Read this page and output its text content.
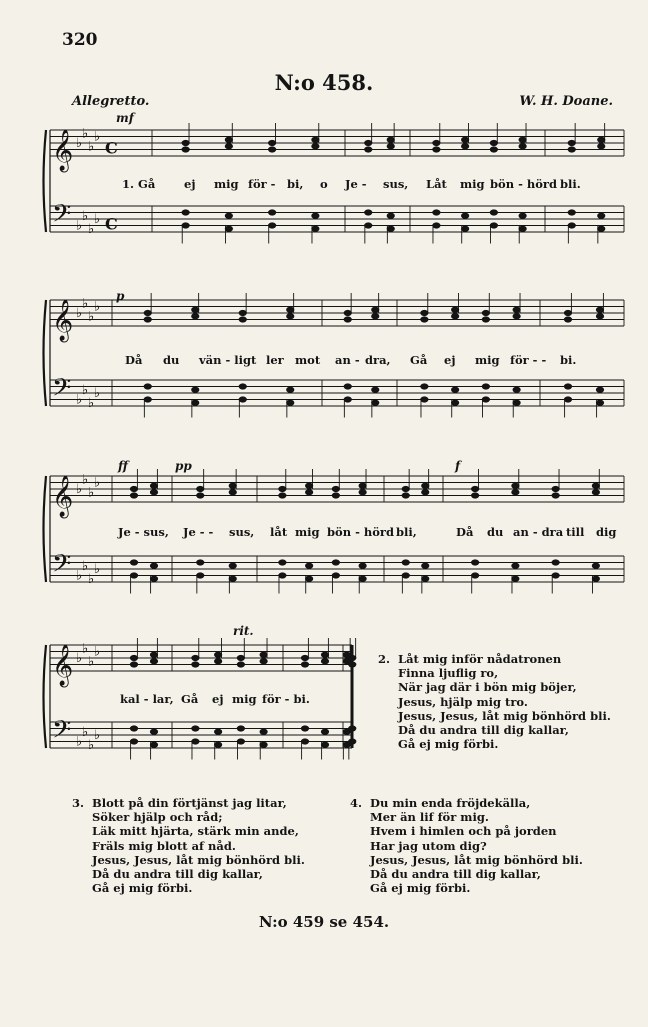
320
N:o 458.
Allegretto.	W. H. Doane.
𝄞 ♭
♭
♭
♭
C
𝄢 ♭
♭
♭
♭ C
𝄞 ♭
♭
♭
♭
𝄢 ♭
♭
♭
♭
𝄞 ♭
♭
♭
♭
𝄢 ♭
♭
♭
♭
𝄞 ♭
♭
♭
♭
𝄢 ♭
♭
♭
♭
mf
p
ff	pp	f
rit.
1. Gå ej mig för - bi, o Je - sus, Låt mig bön - hörd bli.
Då du vän - ligt ler mot an - dra, Gå ej mig för - - bi.
Je - sus, Je - - sus, låt mig bön - hörd bli,	Då du an - dra till dig
kal - lar, Gå ej mig för - bi.
2. Låt mig inför nådatronen
Finna ljuflig ro,
När jag där i bön mig böjer,
Jesus, hjälp mig tro.
Jesus, Jesus, låt mig bönhörd bli.
Då du andra till dig kallar,
Gå ej mig förbi.
3. Blott på din förtjänst jag litar,
Söker hjälp och råd;
Läk mitt hjärta, stärk min ande,
Fräls mig blott af nåd.
Jesus, Jesus, låt mig bönhörd bli.
Då du andra till dig kallar,
Gå ej mig förbi.
4. Du min enda fröjdekälla,
Mer än lif för mig.
Hvem i himlen och på jorden
Har jag utom dig?
Jesus, Jesus, låt mig bönhörd bli.
Då du andra till dig kallar,
Gå ej mig förbi.
N:o 459 se 454.
